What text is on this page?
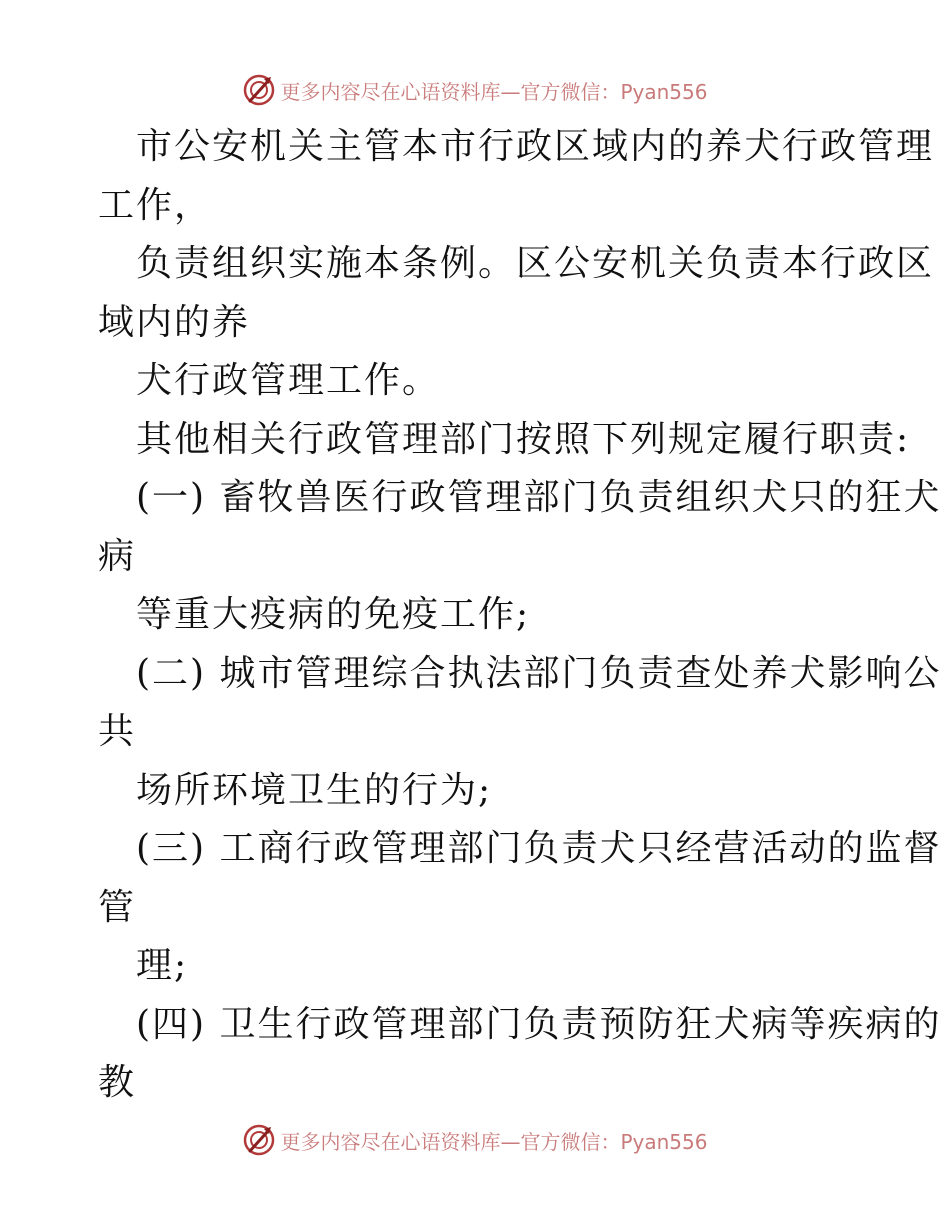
更多内容尽在心语资料库—官方微信：Pyan556
市公安机关主管本市行政区域内的养犬行政管理
工作，
负责组织实施本条例。区公安机关负责本行政区
域内的养
犬行政管理工作。
其他相关行政管理部门按照下列规定履行职责:
(一) 畜牧兽医行政管理部门负责组织犬只的狂犬
病
等重大疫病的免疫工作;
(二) 城市管理综合执法部门负责查处养犬影响公
共
场所环境卫生的行为;
(三) 工商行政管理部门负责犬只经营活动的监督
管
理;
(四) 卫生行政管理部门负责预防狂犬病等疾病的
教
更多内容尽在心语资料库—官方微信：Pyan556
